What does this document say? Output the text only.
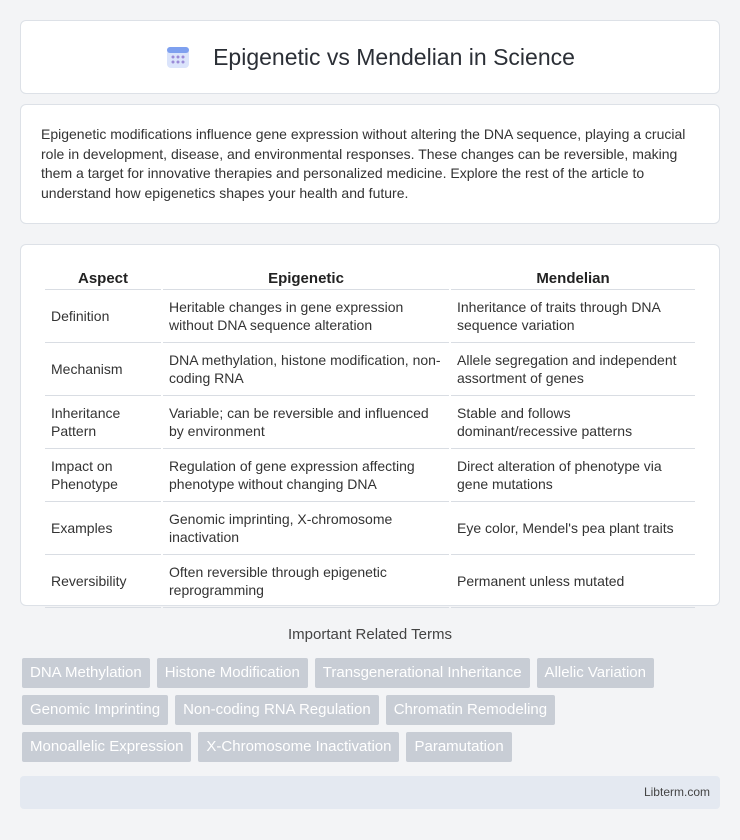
Epigenetic vs Mendelian in Science

Epigenetic modifications influence gene expression without altering the DNA sequence, playing a crucial role in development, disease, and environmental responses. These changes can be reversible, making them a target for innovative therapies and personalized medicine. Explore the rest of the article to understand how epigenetics shapes your health and future.

Aspect	Epigenetic	Mendelian
Definition	Heritable changes in gene expression without DNA sequence alteration	Inheritance of traits through DNA sequence variation
Mechanism	DNA methylation, histone modification, non-coding RNA	Allele segregation and independent assortment of genes
Inheritance Pattern	Variable; can be reversible and influenced by environment	Stable and follows dominant/recessive patterns
Impact on Phenotype	Regulation of gene expression affecting phenotype without changing DNA	Direct alteration of phenotype via gene mutations
Examples	Genomic imprinting, X-chromosome inactivation	Eye color, Mendel's pea plant traits
Reversibility	Often reversible through epigenetic reprogramming	Permanent unless mutated
Important Related Terms
DNA Methylation	Histone Modification	Transgenerational Inheritance	Allelic Variation
Genomic Imprinting	Non-coding RNA Regulation	Chromatin Remodeling
Monoallelic Expression	X-Chromosome Inactivation	Paramutation
Libterm.com
